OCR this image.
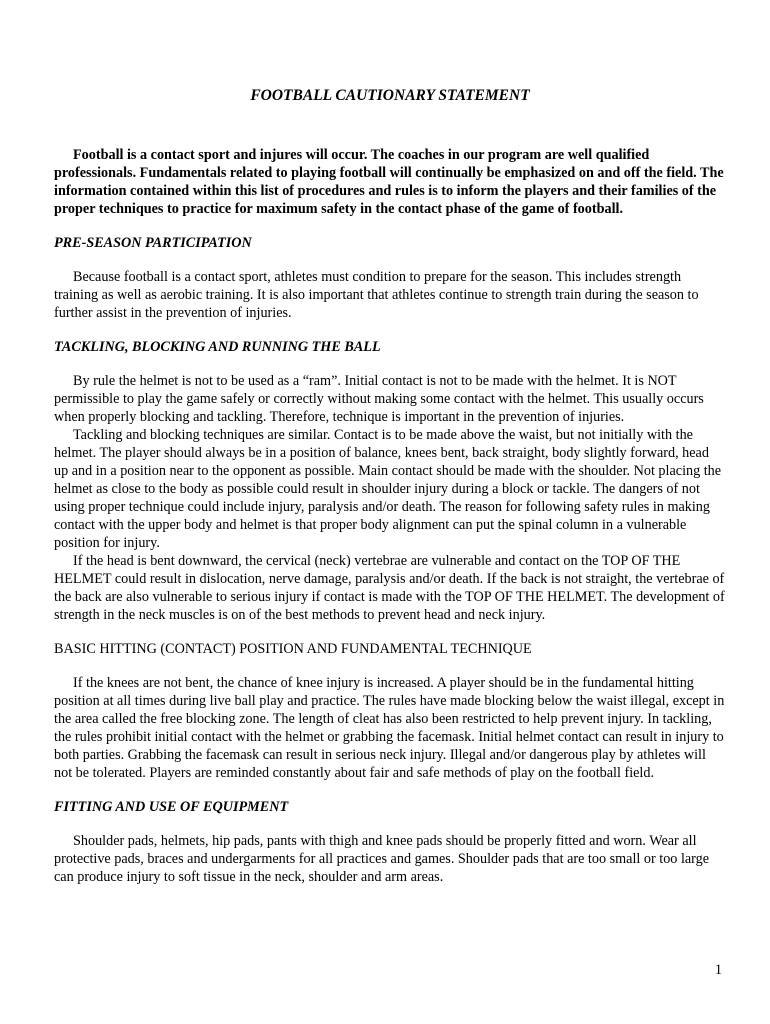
FOOTBALL CAUTIONARY STATEMENT

Football is a contact sport and injures will occur. The coaches in our program are well qualified professionals. Fundamentals related to playing football will continually be emphasized on and off the field. The information contained within this list of procedures and rules is to inform the players and their families of the proper techniques to practice for maximum safety in the contact phase of the game of football.

PRE-SEASON PARTICIPATION

Because football is a contact sport, athletes must condition to prepare for the season. This includes strength training as well as aerobic training. It is also important that athletes continue to strength train during the season to further assist in the prevention of injuries.

TACKLING, BLOCKING AND RUNNING THE BALL

By rule the helmet is not to be used as a “ram”. Initial contact is not to be made with the helmet. It is NOT permissible to play the game safely or correctly without making some contact with the helmet. This usually occurs when properly blocking and tackling. Therefore, technique is important in the prevention of injuries.

Tackling and blocking techniques are similar. Contact is to be made above the waist, but not initially with the helmet. The player should always be in a position of balance, knees bent, back straight, body slightly forward, head up and in a position near to the opponent as possible. Main contact should be made with the shoulder. Not placing the helmet as close to the body as possible could result in shoulder injury during a block or tackle. The dangers of not using proper technique could include injury, paralysis and/or death. The reason for following safety rules in making contact with the upper body and helmet is that proper body alignment can put the spinal column in a vulnerable position for injury.

If the head is bent downward, the cervical (neck) vertebrae are vulnerable and contact on the TOP OF THE HELMET could result in dislocation, nerve damage, paralysis and/or death. If the back is not straight, the vertebrae of the back are also vulnerable to serious injury if contact is made with the TOP OF THE HELMET. The development of strength in the neck muscles is on of the best methods to prevent head and neck injury.

BASIC HITTING (CONTACT) POSITION AND FUNDAMENTAL TECHNIQUE

If the knees are not bent, the chance of knee injury is increased. A player should be in the fundamental hitting position at all times during live ball play and practice. The rules have made blocking below the waist illegal, except in the area called the free blocking zone. The length of cleat has also been restricted to help prevent injury. In tackling, the rules prohibit initial contact with the helmet or grabbing the facemask. Initial helmet contact can result in injury to both parties. Grabbing the facemask can result in serious neck injury. Illegal and/or dangerous play by athletes will not be tolerated. Players are reminded constantly about fair and safe methods of play on the football field.

FITTING AND USE OF EQUIPMENT

Shoulder pads, helmets, hip pads, pants with thigh and knee pads should be properly fitted and worn. Wear all protective pads, braces and undergarments for all practices and games. Shoulder pads that are too small or too large can produce injury to soft tissue in the neck, shoulder and arm areas.

1
